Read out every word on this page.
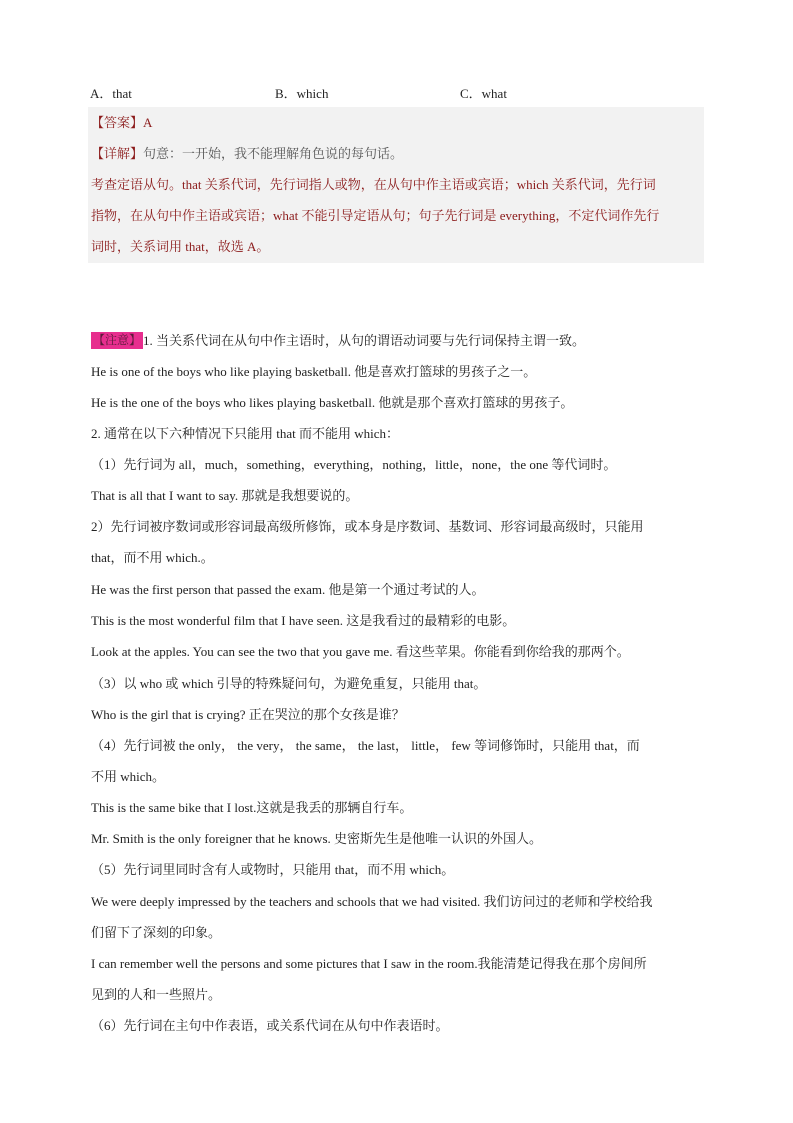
A．that	B．which	C．what
【答案】A
【详解】句意：一开始，我不能理解角色说的每句话。
考查定语从句。that 关系代词，先行词指人或物，在从句中作主语或宾语；which 关系代词，先行词
指物，在从句中作主语或宾语；what 不能引导定语从句；句子先行词是 everything，不定代词作先行
词时，关系词用 that，故选 A。
【注意】 1. 当关系代词在从句中作主语时，从句的谓语动词要与先行词保持主谓一致。
He is one of the boys who like playing basketball. 他是喜欢打篮球的男孩子之一。
He is the one of the boys who likes playing basketball. 他就是那个喜欢打篮球的男孩子。
2. 通常在以下六种情况下只能用 that 而不能用 which：
（1）先行词为 all，much，something，everything，nothing，little，none，the one 等代词时。
That is all that I want to say. 那就是我想要说的。
2）先行词被序数词或形容词最高级所修饰，或本身是序数词、基数词、形容词最高级时，只能用
that，而不用 which.。
He was the first person that passed the exam. 他是第一个通过考试的人。
This is the most wonderful film that I have seen. 这是我看过的最精彩的电影。
Look at the apples. You can see the two that you gave me. 看这些苹果。你能看到你给我的那两个。
（3）以 who 或 which 引导的特殊疑问句，为避免重复，只能用 that。
Who is the girl that is crying? 正在哭泣的那个女孩是谁？
（4）先行词被 the only， the very， the same， the last， little， few 等词修饰时，只能用 that，而
不用 which。
This is the same bike that I lost.这就是我丢的那辆自行车。
Mr. Smith is the only foreigner that he knows. 史密斯先生是他唯一认识的外国人。
（5）先行词里同时含有人或物时，只能用 that，而不用 which。
We were deeply impressed by the teachers and schools that we had visited. 我们访问过的老师和学校给我
们留下了深刻的印象。
I can remember well the persons and some pictures that I saw in the room.我能清楚记得我在那个房间所
见到的人和一些照片。
（6）先行词在主句中作表语，或关系代词在从句中作表语时。
